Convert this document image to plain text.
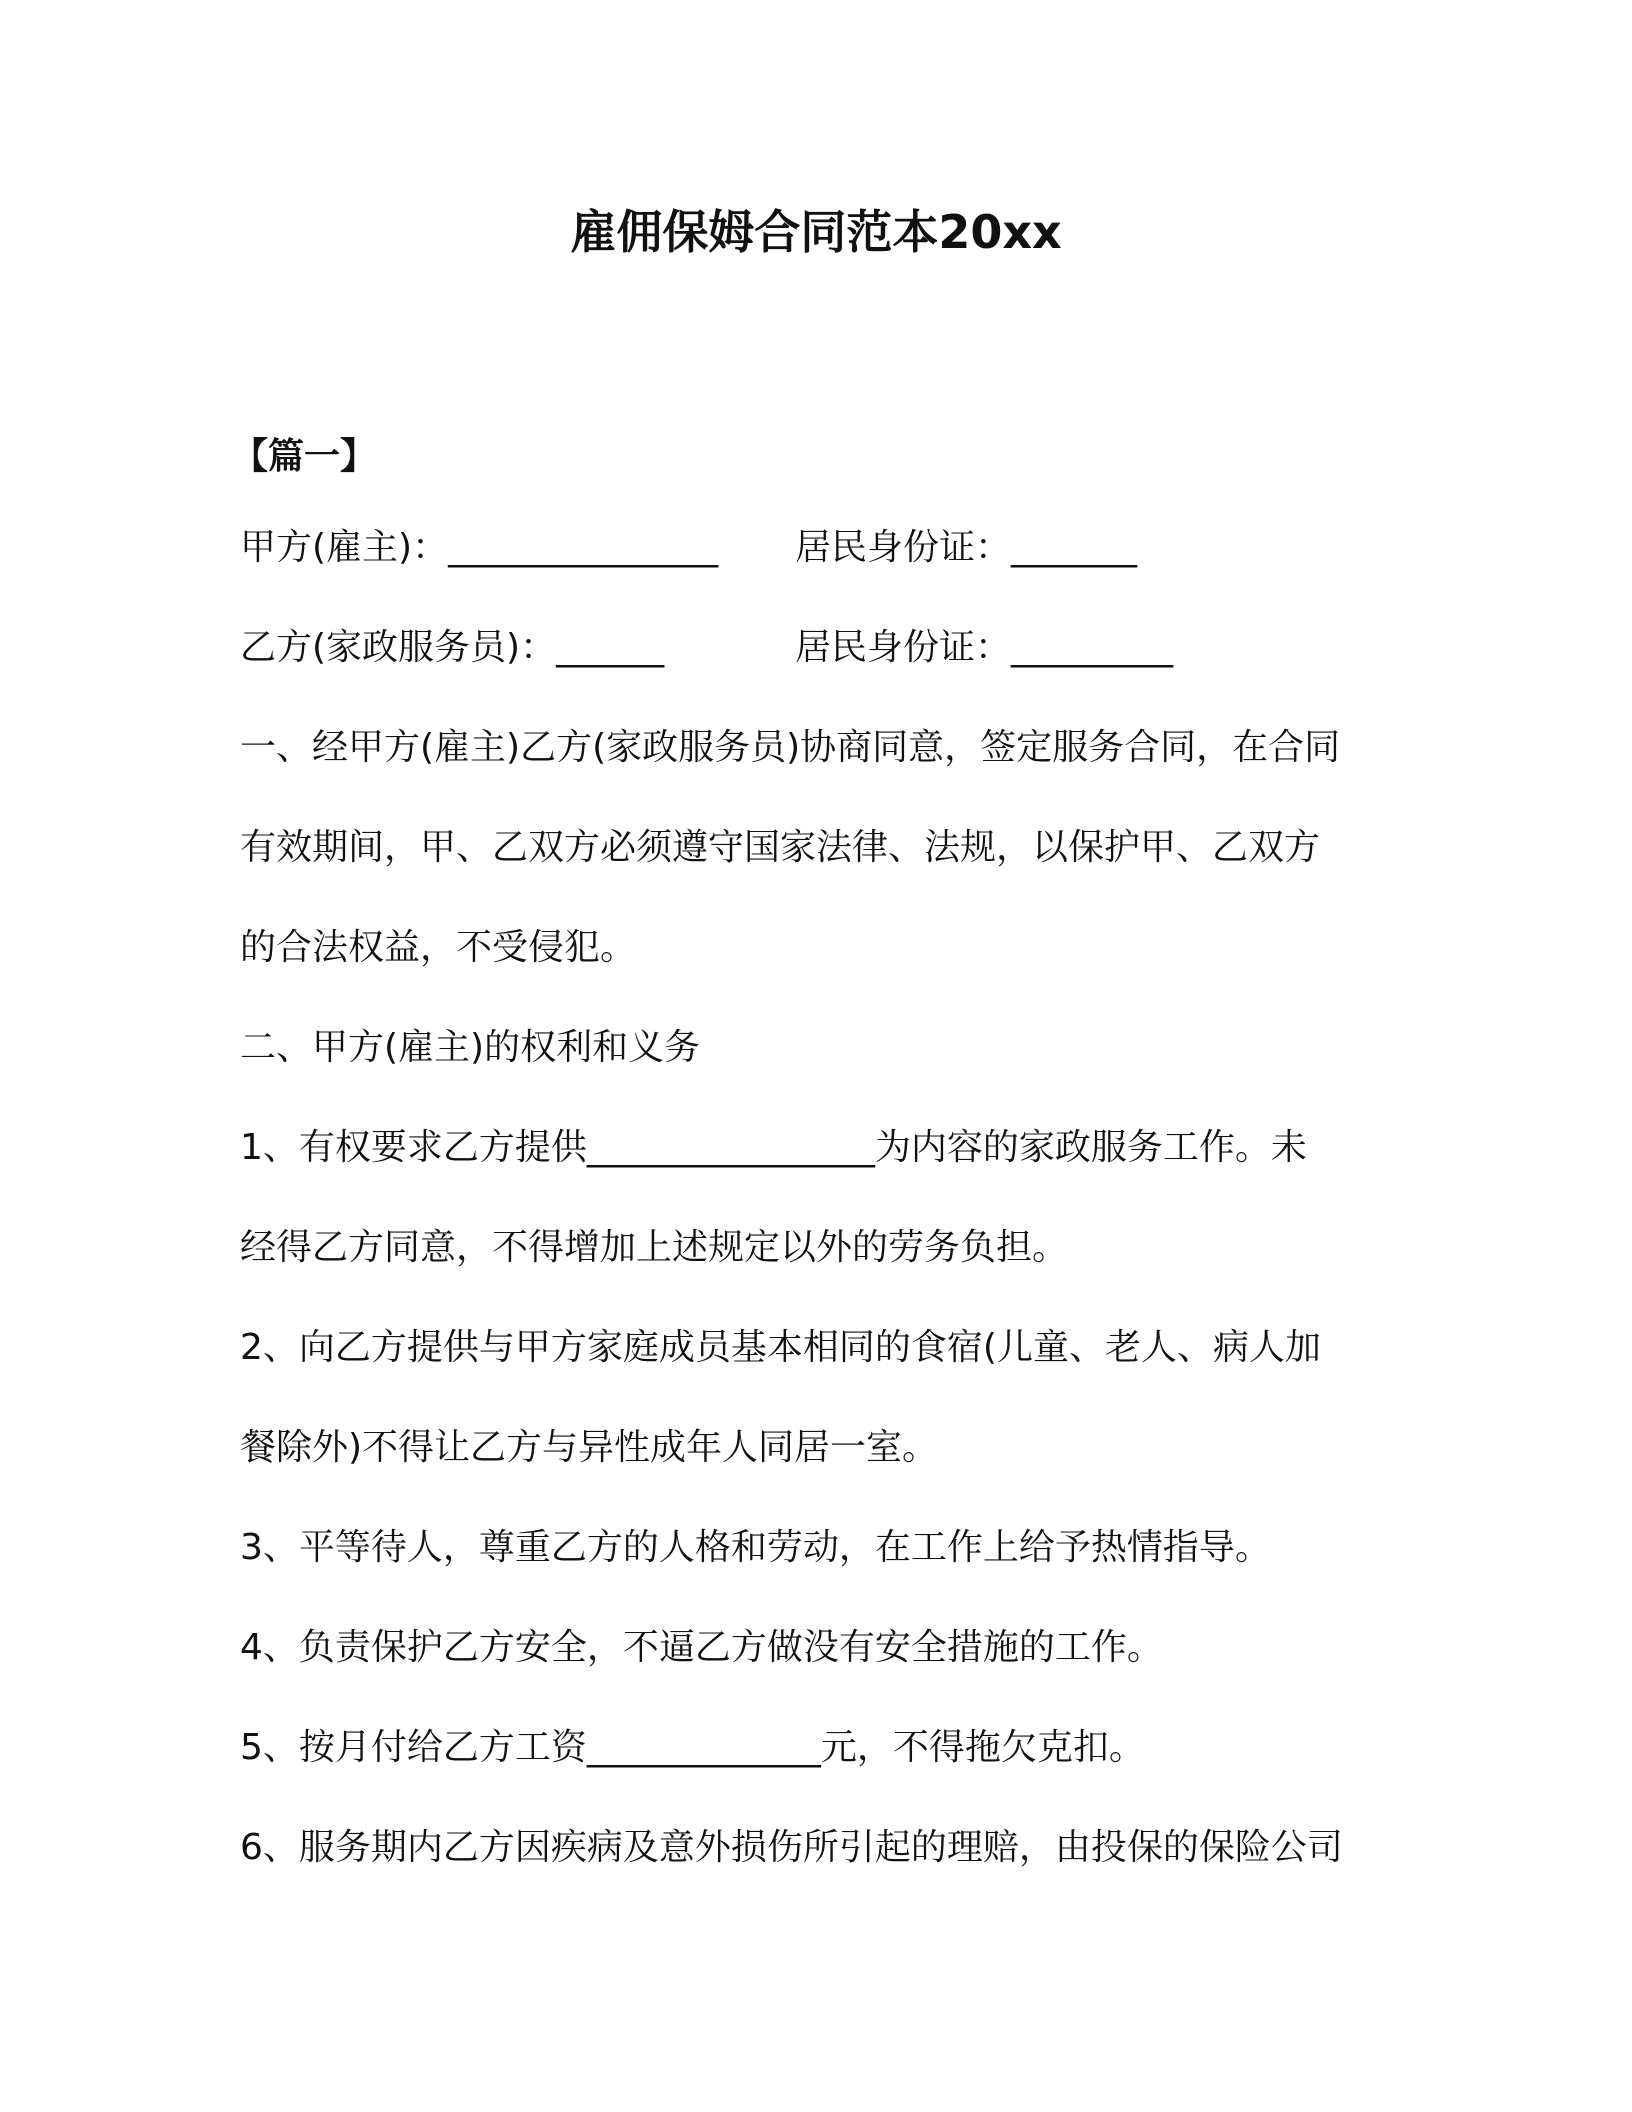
雇佣保姆合同范本20xx
【篇一】
甲方(雇主)：_______________ 居民身份证：_______
乙方(家政服务员)：______	居民身份证：_________
一、经甲方(雇主)乙方(家政服务员)协商同意，签定服务合同，在合同
有效期间，甲、乙双方必须遵守国家法律、法规，以保护甲、乙双方
的合法权益，不受侵犯。
二、甲方(雇主)的权利和义务
1、有权要求乙方提供________________为内容的家政服务工作。未
经得乙方同意，不得增加上述规定以外的劳务负担。
2、向乙方提供与甲方家庭成员基本相同的食宿(儿童、老人、病人加
餐除外)不得让乙方与异性成年人同居一室。
3、平等待人，尊重乙方的人格和劳动，在工作上给予热情指导。
4、负责保护乙方安全，不逼乙方做没有安全措施的工作。
5、按月付给乙方工资_____________元，不得拖欠克扣。
6、服务期内乙方因疾病及意外损伤所引起的理赔，由投保的保险公司
